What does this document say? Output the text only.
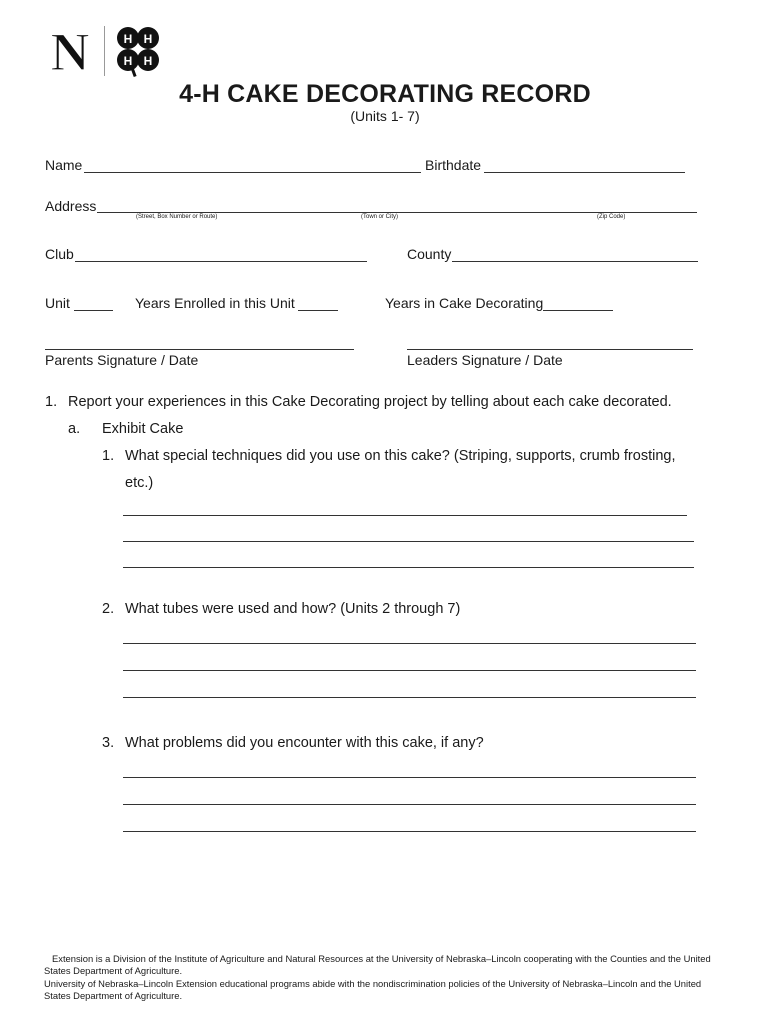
N	H H
H H
4-H CAKE DECORATING RECORD
(Units 1- 7)
Name	Birthdate
Address
(Street, Box Number or Route)	(Town or City)	(Zip Code)
Club	County
Unit	Years Enrolled in this Unit	Years in Cake Decorating
Parents Signature / Date	Leaders Signature / Date
1. Report your experiences in this Cake Decorating project by telling about each cake decorated.
a. Exhibit Cake
1. What special techniques did you use on this cake? (Striping, supports, crumb frosting,
etc.)
2. What tubes were used and how? (Units 2 through 7)
3. What problems did you encounter with this cake, if any?
Extension is a Division of the Institute of Agriculture and Natural Resources at the University of Nebraska–Lincoln cooperating with the Counties and the United States Department of Agriculture.
University of Nebraska–Lincoln Extension educational programs abide with the nondiscrimination policies of the University of Nebraska–Lincoln and the United States Department of Agriculture.
